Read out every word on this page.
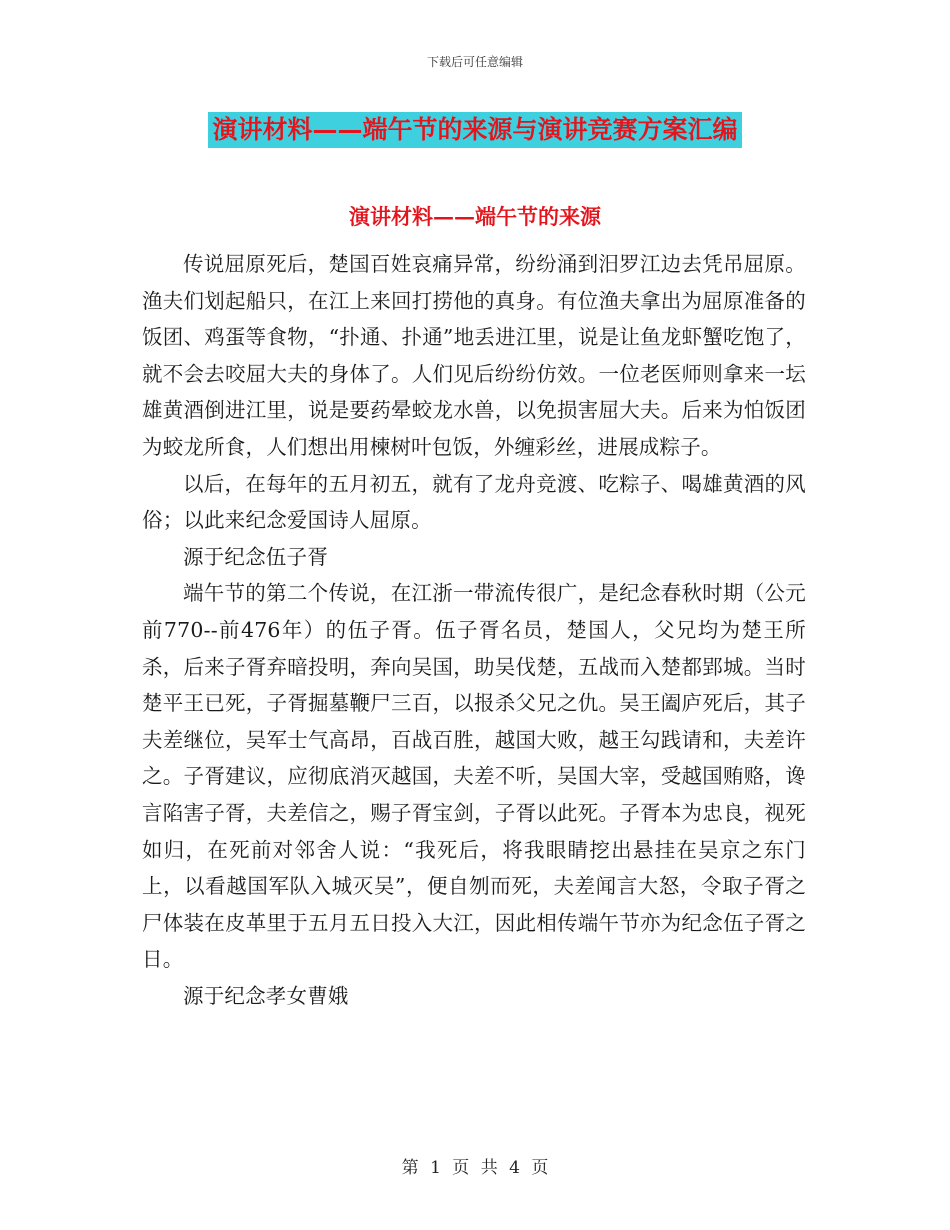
下载后可任意编辑
演讲材料——端午节的来源与演讲竞赛方案汇编
演讲材料——端午节的来源

传说屈原死后，楚国百姓哀痛异常，纷纷涌到汨罗江边去凭吊屈原。渔夫们划起船只，在江上来回打捞他的真身。有位渔夫拿出为屈原准备的饭团、鸡蛋等食物，“扑通、扑通”地丢进江里，说是让鱼龙虾蟹吃饱了，就不会去咬屈大夫的身体了。人们见后纷纷仿效。一位老医师则拿来一坛雄黄酒倒进江里，说是要药晕蛟龙水兽，以免损害屈大夫。后来为怕饭团为蛟龙所食，人们想出用楝树叶包饭，外缠彩丝，进展成粽子。

以后，在每年的五月初五，就有了龙舟竞渡、吃粽子、喝雄黄酒的风俗；以此来纪念爱国诗人屈原。

源于纪念伍子胥

端午节的第二个传说，在江浙一带流传很广，是纪念春秋时期（公元前770--前476年）的伍子胥。伍子胥名员，楚国人，父兄均为楚王所杀，后来子胥弃暗投明，奔向吴国，助吴伐楚，五战而入楚都郢城。当时楚平王已死，子胥掘墓鞭尸三百，以报杀父兄之仇。吴王阖庐死后，其子夫差继位，吴军士气高昂，百战百胜，越国大败，越王勾践请和，夫差许之。子胥建议，应彻底消灭越国，夫差不听，吴国大宰，受越国贿赂，谗言陷害子胥，夫差信之，赐子胥宝剑，子胥以此死。子胥本为忠良，视死如归，在死前对邻舍人说：“我死后，将我眼睛挖出悬挂在吴京之东门上，以看越国军队入城灭吴”，便自刎而死，夫差闻言大怒，令取子胥之尸体装在皮革里于五月五日投入大江，因此相传端午节亦为纪念伍子胥之日。

源于纪念孝女曹娥

第 1 页 共 4 页
